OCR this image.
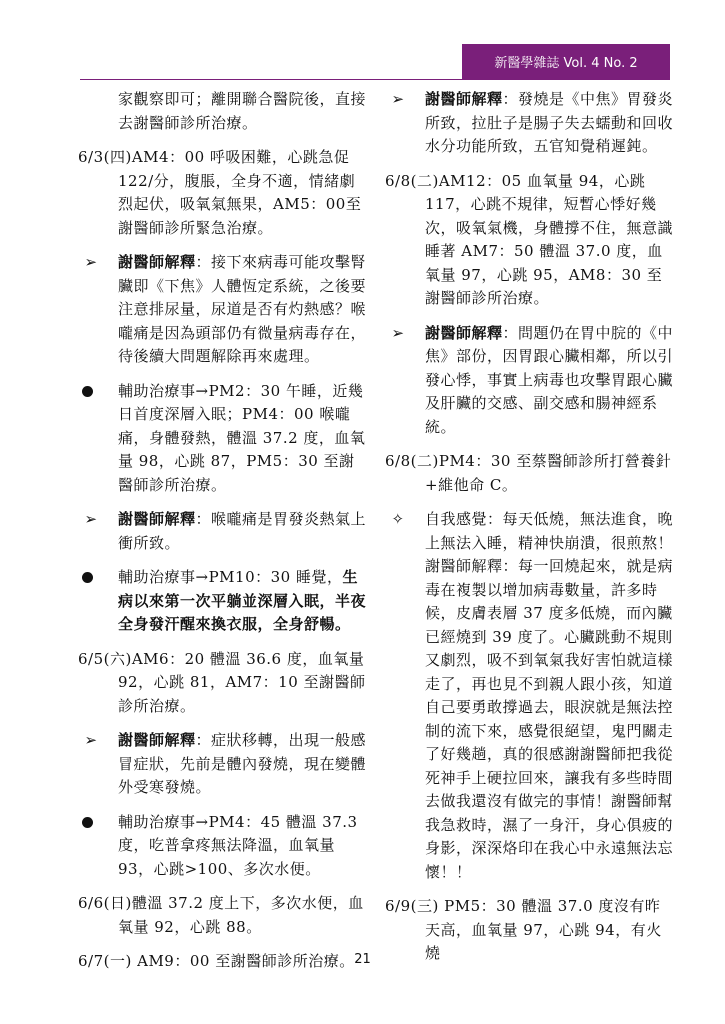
新醫學雜誌 Vol. 4 No. 2

家觀察即可；離開聯合醫院後，直接去謝醫師診所治療。

6/3(四)AM4：00 呼吸困難，心跳急促122/分，腹脹，全身不適，情緒劇烈起伏，吸氧氣無果，AM5：00至謝醫師診所緊急治療。

➢ 謝醫師解釋：接下來病毒可能攻擊腎臟即《下焦》人體恆定系統，之後要注意排尿量，尿道是否有灼熱感？喉嚨痛是因為頭部仍有微量病毒存在，待後續大問題解除再來處理。
輔助治療事→PM2：30 午睡，近幾日首度深層入眠；PM4：00 喉嚨痛，身體發熱，體溫 37.2 度，血氧量 98，心跳 87，PM5：30 至謝醫師診所治療。
➢ 謝醫師解釋：喉嚨痛是胃發炎熱氣上衝所致。
輔助治療事→PM10：30 睡覺，生病以來第一次平躺並深層入眠，半夜全身發汗醒來換衣服，全身舒暢。

6/5(六)AM6：20 體溫 36.6 度，血氧量92，心跳 81，AM7：10 至謝醫師診所治療。

➢ 謝醫師解釋：症狀移轉，出現一般感冒症狀，先前是體內發燒，現在變體外受寒發燒。
輔助治療事→PM4：45 體溫 37.3度，吃普拿疼無法降溫，血氧量93，心跳>100、多次水便。

6/6(日)體溫 37.2 度上下，多次水便，血氧量 92，心跳 88。

6/7(一) AM9：00 至謝醫師診所治療。

➢ 謝醫師解釋：發燒是《中焦》胃發炎所致，拉肚子是腸子失去蠕動和回收水分功能所致，五官知覺稍遲鈍。

6/8(二)AM12：05 血氧量 94，心跳 117，心跳不規律，短暫心悸好幾次，吸氧氣機，身體撐不住，無意識睡著 AM7：50 體溫 37.0 度，血氧量 97，心跳 95，AM8：30 至謝醫師診所治療。

➢ 謝醫師解釋：問題仍在胃中脘的《中焦》部份，因胃跟心臟相鄰，所以引發心悸，事實上病毒也攻擊胃跟心臟及肝臟的交感、副交感和腸神經系統。

6/8(二)PM4：30 至蔡醫師診所打營養針+維他命 C。

✧ 自我感覺：每天低燒，無法進食，晚上無法入睡，精神快崩潰，很煎熬！謝醫師解釋：每一回燒起來，就是病毒在複製以增加病毒數量，許多時候，皮膚表層 37 度多低燒，而內臟已經燒到 39 度了。心臟跳動不規則又劇烈，吸不到氧氣我好害怕就這樣走了，再也見不到親人跟小孩，知道自己要勇敢撐過去，眼淚就是無法控制的流下來，感覺很絕望，鬼門關走了好幾趟，真的很感謝謝醫師把我從死神手上硬拉回來，讓我有多些時間去做我還沒有做完的事情！謝醫師幫我急救時，濕了一身汗，身心俱疲的身影，深深烙印在我心中永遠無法忘懷！！

6/9(三) PM5：30 體溫 37.0 度沒有昨天高，血氧量 97，心跳 94，有火燒

21
